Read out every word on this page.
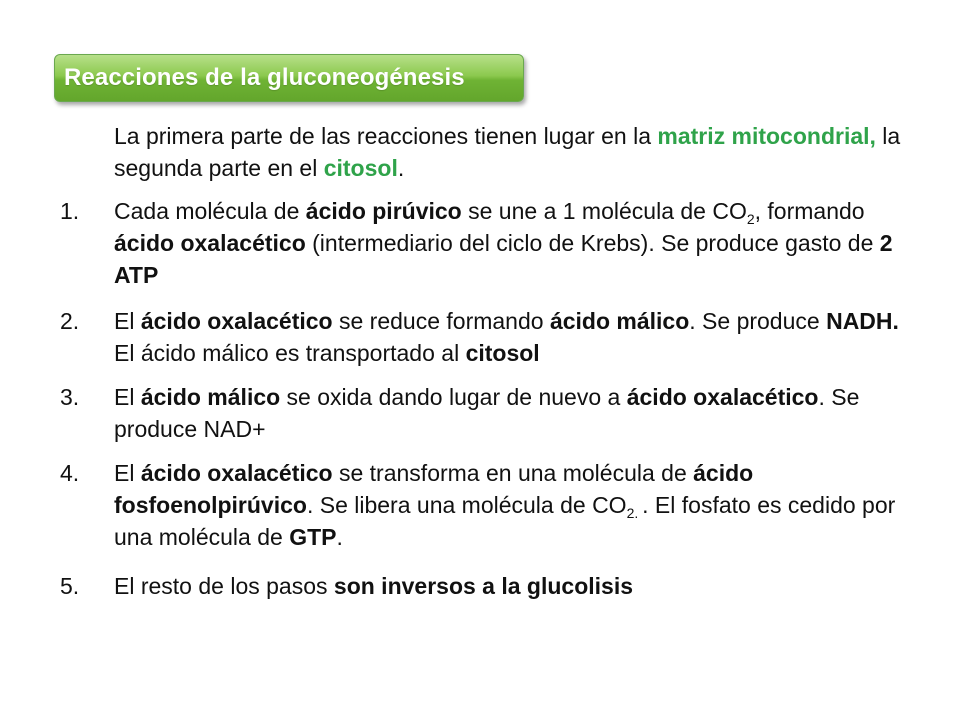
Reacciones de la gluconeogénesis

La primera parte de las reacciones tienen lugar en la matriz mitocondrial, la segunda parte en el citosol.

1.	Cada molécula de ácido pirúvico se une a 1 molécula de $CO_2$, formando ácido oxalacético (intermediario del ciclo de Krebs). Se produce gasto de 2 ATP

2.	El ácido oxalacético se reduce formando ácido málico. Se produce NADH. El ácido málico es transportado al citosol

3.	El ácido málico se oxida dando lugar de nuevo a ácido oxalacético. Se produce NAD+

4.	El ácido oxalacético se transforma en una molécula de ácido fosfoenolpirúvico. Se libera una molécula de $CO_{2.}$ . El fosfato es cedido por una molécula de GTP.

5.	El resto de los pasos son inversos a la glucolisis
